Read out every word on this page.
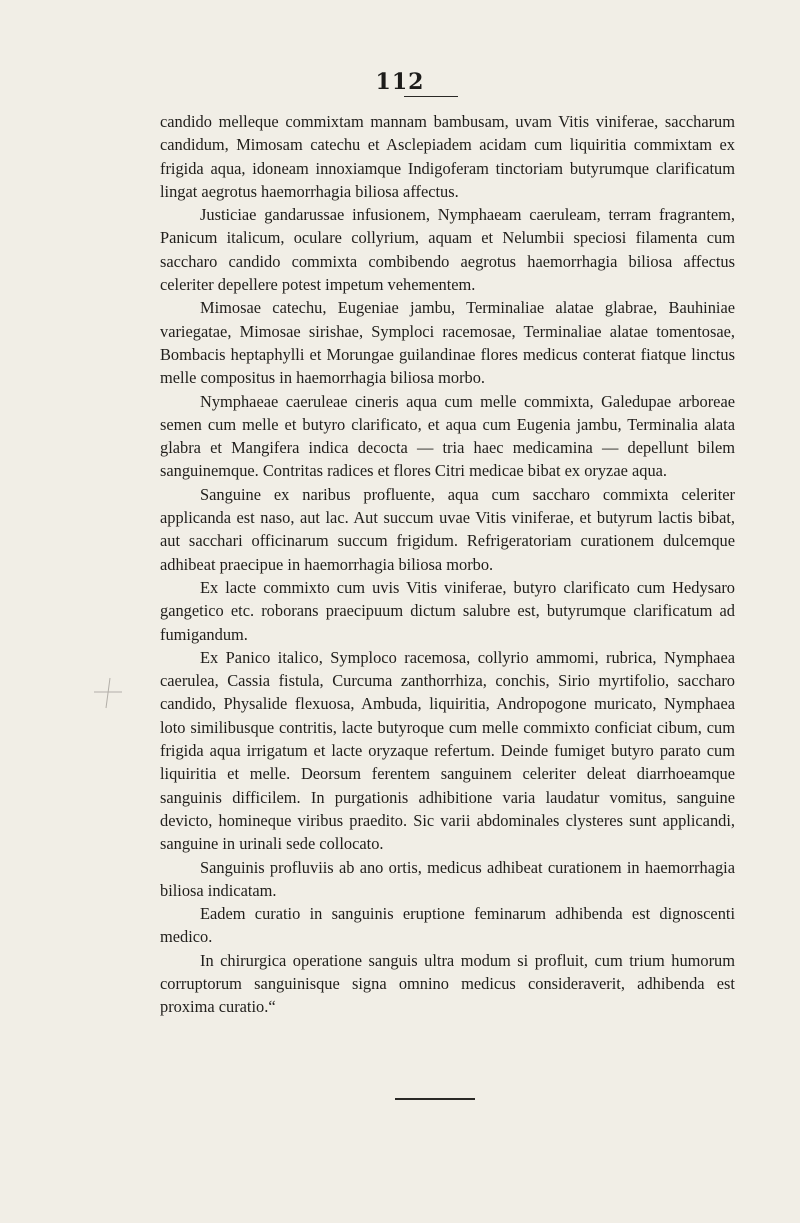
112

candido melleque commixtam mannam bambusam, uvam Vitis viniferae, saccharum candidum, Mimosam catechu et Asclepiadem acidam cum liquiritia commixtam ex frigida aqua, idoneam innoxiamque Indigoferam tinctoriam butyrumque clarificatum lingat aegrotus haemorrhagia biliosa affectus.

Justiciae gandarussae infusionem, Nymphaeam caeruleam, terram fragrantem, Panicum italicum, oculare collyrium, aquam et Nelumbii speciosi filamenta cum saccharo candido commixta combibendo aegrotus haemorrhagia biliosa affectus celeriter depellere potest impetum vehementem.

Mimosae catechu, Eugeniae jambu, Terminaliae alatae glabrae, Bauhiniae variegatae, Mimosae sirishae, Symploci racemosae, Terminaliae alatae tomentosae, Bombacis heptaphylli et Morungae guilandinae flores medicus conterat fiatque linctus melle compositus in haemorrhagia biliosa morbo.

Nymphaeae caeruleae cineris aqua cum melle commixta, Galedupae arboreae semen cum melle et butyro clarificato, et aqua cum Eugenia jambu, Terminalia alata glabra et Mangifera indica decocta — tria haec medicamina — depellunt bilem sanguinemque. Contritas radices et flores Citri medicae bibat ex oryzae aqua.

Sanguine ex naribus profluente, aqua cum saccharo commixta celeriter applicanda est naso, aut lac. Aut succum uvae Vitis viniferae, et butyrum lactis bibat, aut sacchari officinarum succum frigidum. Refrigeratoriam curationem dulcemque adhibeat praecipue in haemorrhagia biliosa morbo.

Ex lacte commixto cum uvis Vitis viniferae, butyro clarificato cum Hedysaro gangetico etc. roborans praecipuum dictum salubre est, butyrumque clarificatum ad fumigandum.

Ex Panico italico, Symploco racemosa, collyrio ammomi, rubrica, Nymphaea caerulea, Cassia fistula, Curcuma zanthorrhiza, conchis, Sirio myrtifolio, saccharo candido, Physalide flexuosa, Ambuda, liquiritia, Andropogone muricato, Nymphaea loto similibusque contritis, lacte butyroque cum melle commixto conficiat cibum, cum frigida aqua irrigatum et lacte oryzaque refertum. Deinde fumiget butyro parato cum liquiritia et melle. Deorsum ferentem sanguinem celeriter deleat diarrhoeamque sanguinis difficilem. In purgationis adhibitione varia laudatur vomitus, sanguine devicto, homineque viribus praedito. Sic varii abdominales clysteres sunt applicandi, sanguine in urinali sede collocato.

Sanguinis profluviis ab ano ortis, medicus adhibeat curationem in haemorrhagia biliosa indicatam.

Eadem curatio in sanguinis eruptione feminarum adhibenda est dignoscenti medico.

In chirurgica operatione sanguis ultra modum si profluit, cum trium humorum corruptorum sanguinisque signa omnino medicus consideraverit, adhibenda est proxima curatio.“
